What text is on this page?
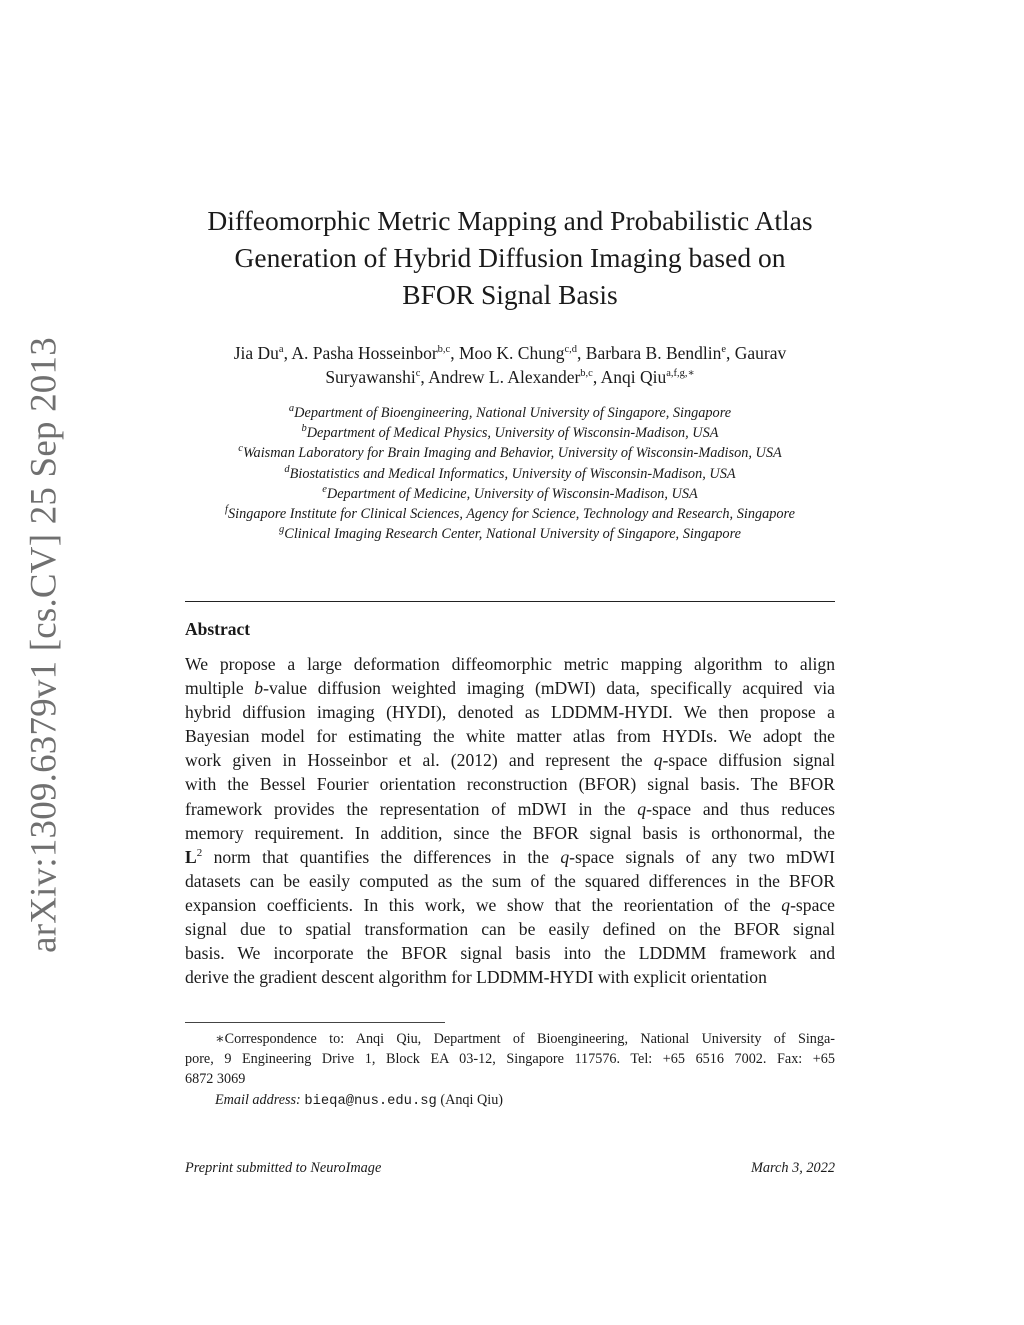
arXiv:1309.6379v1 [cs.CV] 25 Sep 2013
Diffeomorphic Metric Mapping and Probabilistic Atlas
Generation of Hybrid Diffusion Imaging based on
BFOR Signal Basis
Jia Du$^a$, A. Pasha Hosseinbor$^{b,c}$, Moo K. Chung$^{c,d}$, Barbara B. Bendlin$^e$, Gaurav
Suryawanshi$^c$, Andrew L. Alexander$^{b,c}$, Anqi Qiu$^{a,f,g,∗}$
$^a$Department of Bioengineering, National University of Singapore, Singapore
$^b$Department of Medical Physics, University of Wisconsin-Madison, USA
$^c$Waisman Laboratory for Brain Imaging and Behavior, University of Wisconsin-Madison, USA
$^d$Biostatistics and Medical Informatics, University of Wisconsin-Madison, USA
$^e$Department of Medicine, University of Wisconsin-Madison, USA
$^f$Singapore Institute for Clinical Sciences, Agency for Science, Technology and Research, Singapore
$^g$Clinical Imaging Research Center, National University of Singapore, Singapore
Abstract
We propose a large deformation diffeomorphic metric mapping algorithm to align
multiple b-value diffusion weighted imaging (mDWI) data, specifically acquired via
hybrid diffusion imaging (HYDI), denoted as LDDMM-HYDI. We then propose a
Bayesian model for estimating the white matter atlas from HYDIs. We adopt the
work given in Hosseinbor et al. (2012) and represent the q-space diffusion signal
with the Bessel Fourier orientation reconstruction (BFOR) signal basis. The BFOR
framework provides the representation of mDWI in the q-space and thus reduces
memory requirement. In addition, since the BFOR signal basis is orthonormal, the
$L^2$ norm that quantifies the differences in the q-space signals of any two mDWI
datasets can be easily computed as the sum of the squared differences in the BFOR
expansion coefficients. In this work, we show that the reorientation of the q-space
signal due to spatial transformation can be easily defined on the BFOR signal
basis. We incorporate the BFOR signal basis into the LDDMM framework and
derive the gradient descent algorithm for LDDMM-HYDI with explicit orientation
∗Correspondence to: Anqi Qiu, Department of Bioengineering, National University of Singa-
pore, 9 Engineering Drive 1, Block EA 03-12, Singapore 117576. Tel: +65 6516 7002. Fax: +65
6872 3069
Email address: bieqa@nus.edu.sg (Anqi Qiu)
Preprint submitted to NeuroImage	March 3, 2022
